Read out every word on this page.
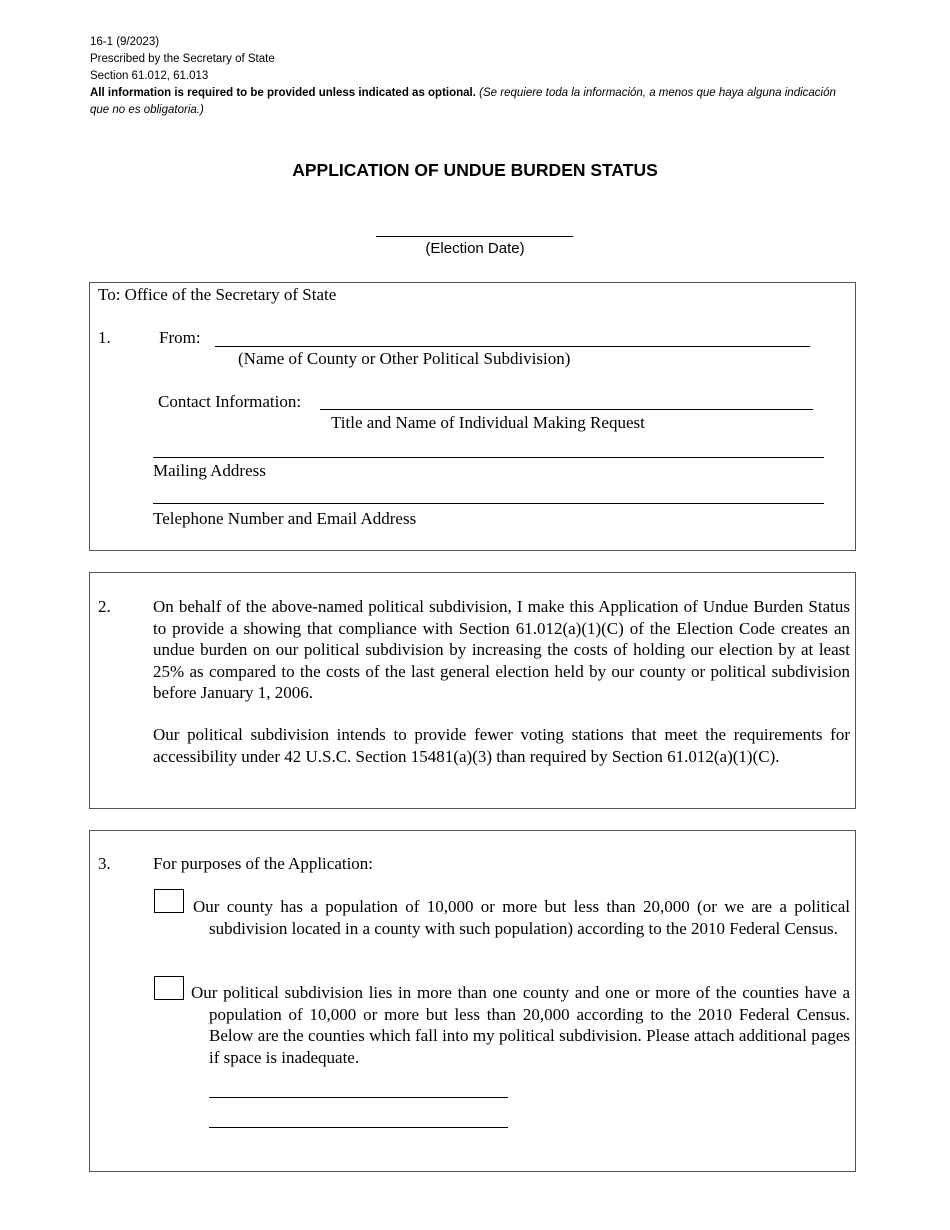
16-1 (9/2023)
Prescribed by the Secretary of State
Section 61.012, 61.013
All information is required to be provided unless indicated as optional. (Se requiere toda la información, a menos que haya alguna indicación que no es obligatoria.)
APPLICATION OF UNDUE BURDEN STATUS
(Election Date)
To: Office of the Secretary of State
1.	From:
(Name of County or Other Political Subdivision)
Contact Information:
Title and Name of Individual Making Request
Mailing Address
Telephone Number and Email Address
2. On behalf of the above-named political subdivision, I make this Application of Undue Burden Status to provide a showing that compliance with Section 61.012(a)(1)(C) of the Election Code creates an undue burden on our political subdivision by increasing the costs of holding our election by at least 25% as compared to the costs of the last general election held by our county or political subdivision before January 1, 2006.
Our political subdivision intends to provide fewer voting stations that meet the requirements for accessibility under 42 U.S.C. Section 15481(a)(3) than required by Section 61.012(a)(1)(C).
3. For purposes of the Application:
Our county has a population of 10,000 or more but less than 20,000 (or we are a political subdivision located in a county with such population) according to the 2010 Federal Census.
Our political subdivision lies in more than one county and one or more of the counties have a population of 10,000 or more but less than 20,000 according to the 2010 Federal Census. Below are the counties which fall into my political subdivision. Please attach additional pages if space is inadequate.
